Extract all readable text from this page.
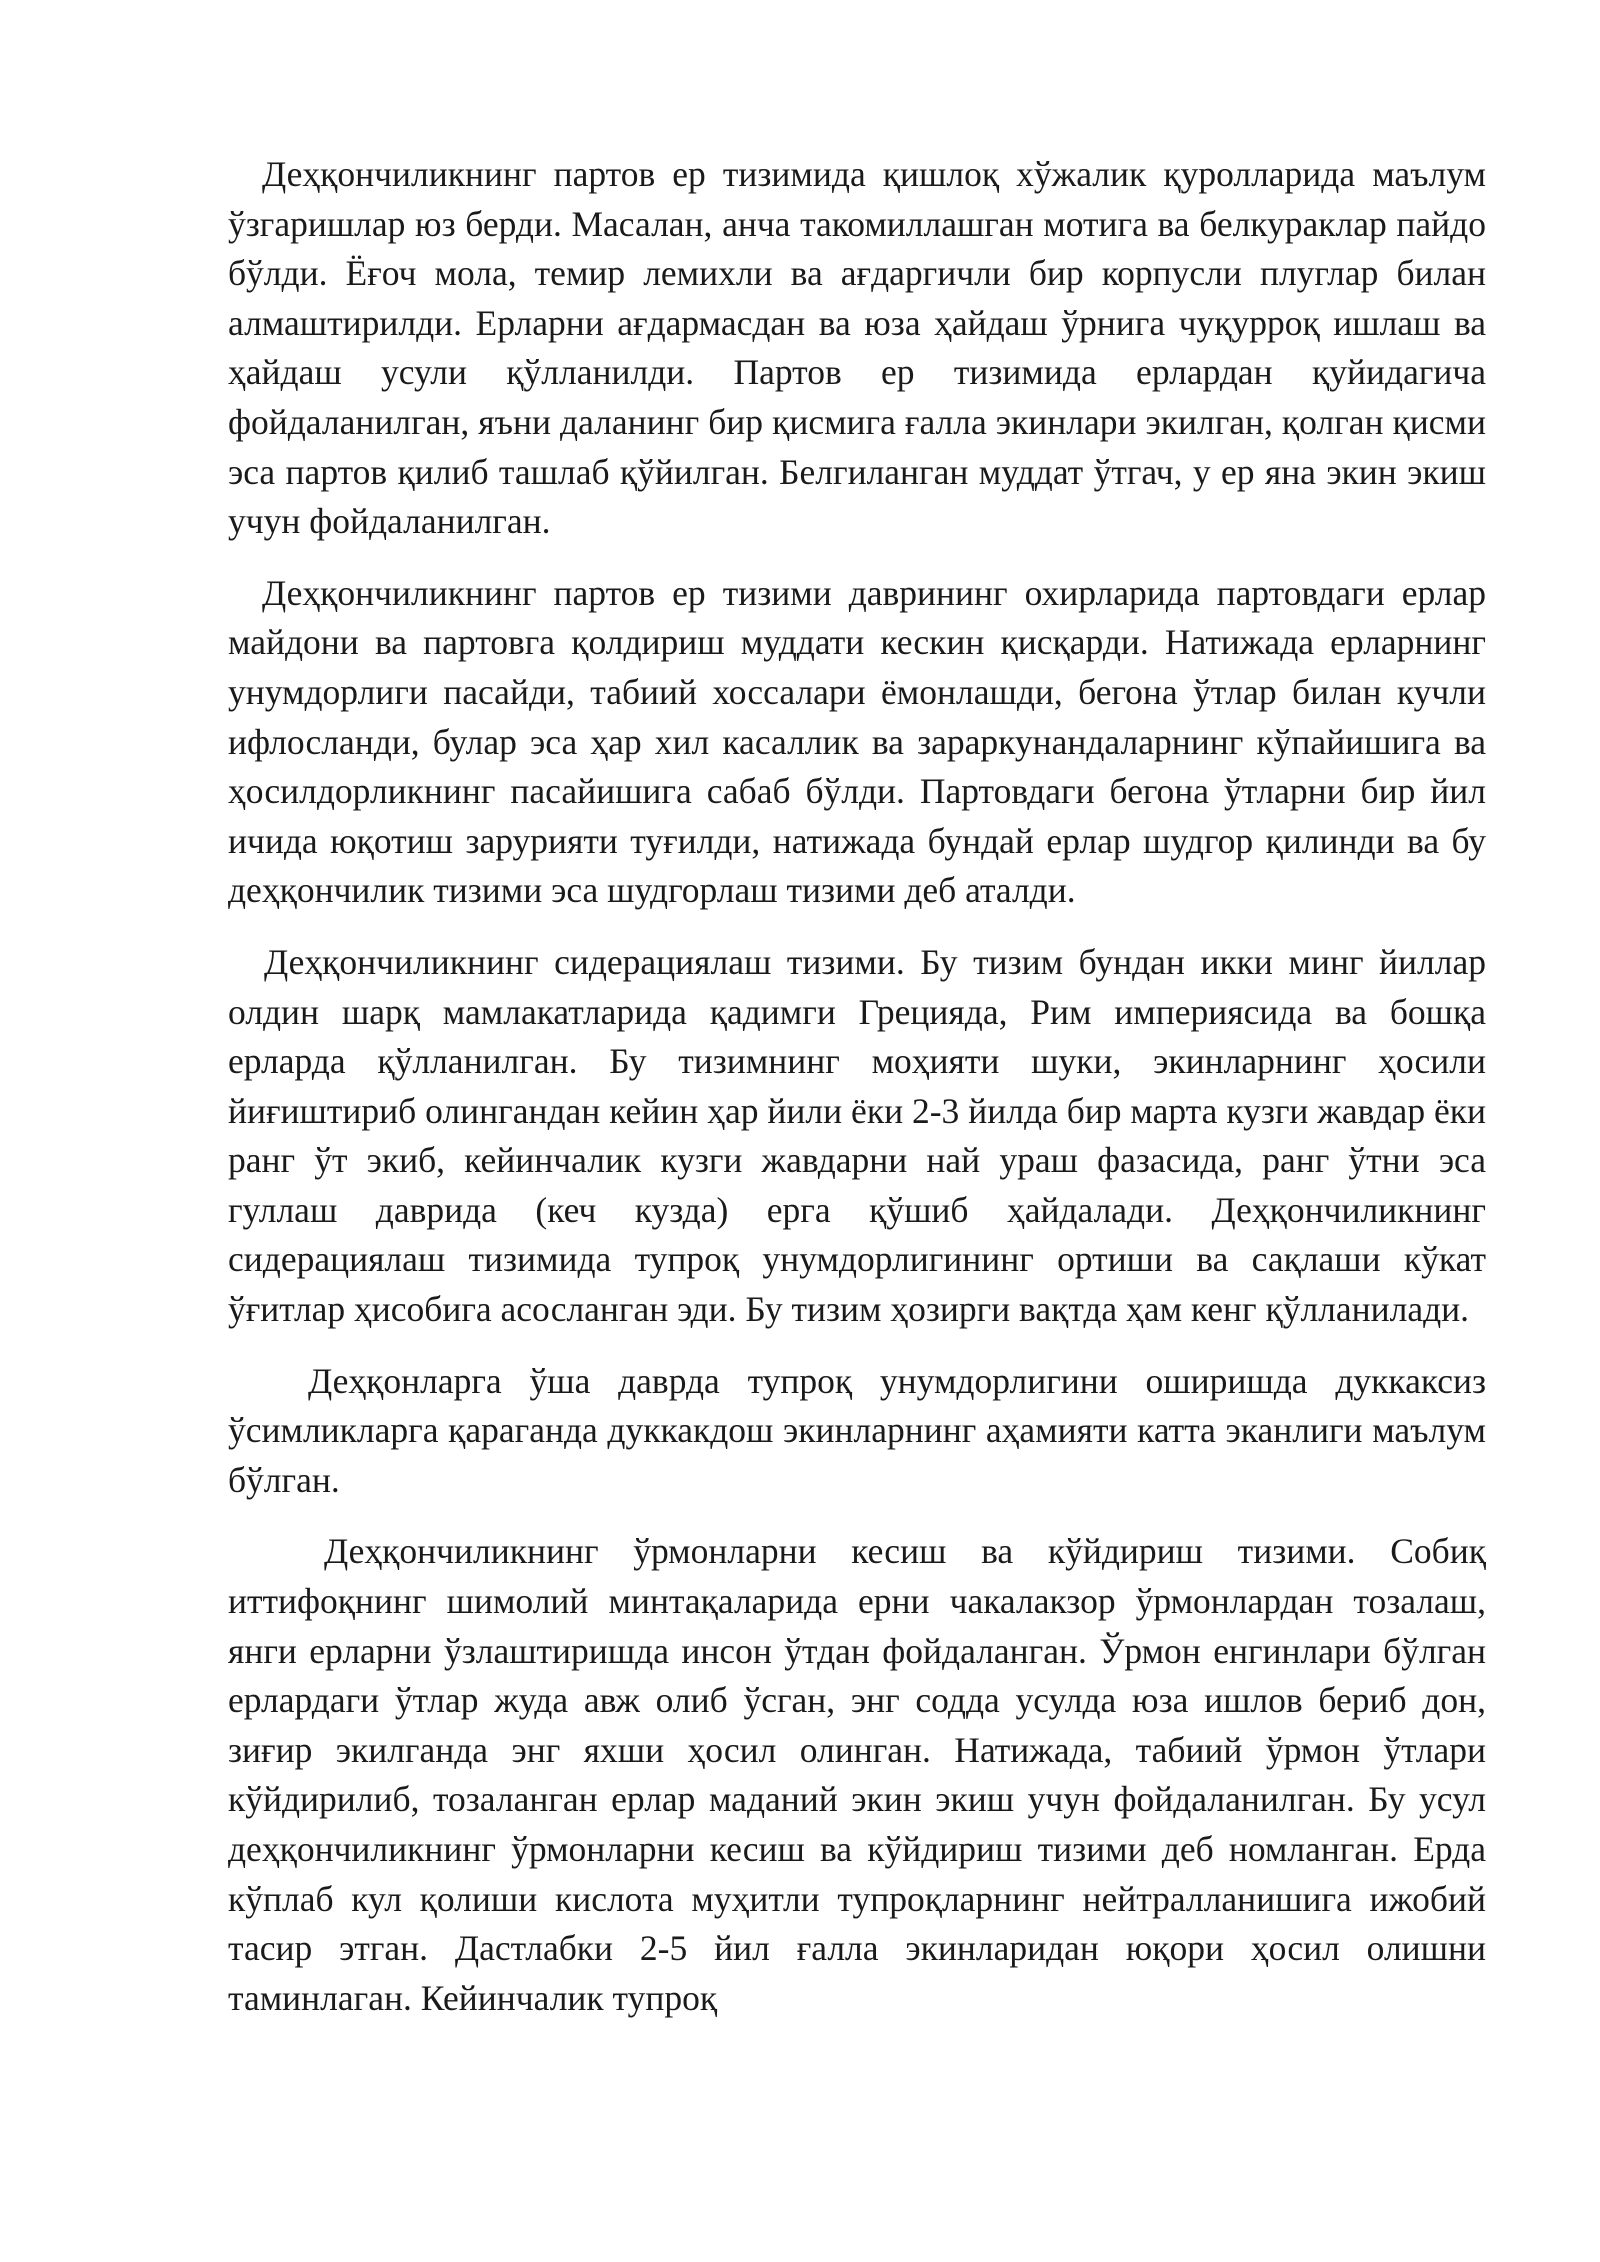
Деҳқончиликнинг партов ер тизимида қишлоқ хўжалик қуролларида маълум ўзгаришлар юз берди. Масалан, анча такомиллашган мотига ва белкураклар пайдо бўлди. Ёғоч мола, темир лемихли ва ағдаргичли бир корпусли плуглар билан алмаштирилди. Ерларни ағдармасдан ва юза ҳайдаш ўрнига чуқурроқ ишлаш ва ҳайдаш усули қўлланилди. Партов ер тизимида ерлардан қуйидагича фойдаланилган, яъни даланинг бир қисмига ғалла экинлари экилган, қолган қисми эса партов қилиб ташлаб қўйилган. Белгиланган муддат ўтгач, у ер яна экин экиш учун фойдаланилган.

Деҳқончиликнинг партов ер тизими даврининг охирларида партовдаги ерлар майдони ва партовга қолдириш муддати кескин қисқарди. Натижада ерларнинг унумдорлиги пасайди, табиий хоссалари ёмонлашди, бегона ўтлар билан кучли ифлосланди, булар эса ҳар хил касаллик ва зараркунандаларнинг кўпайишига ва ҳосилдорликнинг пасайишига сабаб бўлди. Партовдаги бегона ўтларни бир йил ичида юқотиш зарурияти туғилди, натижада бундай ерлар шудгор қилинди ва бу деҳқончилик тизими эса шудгорлаш тизими деб аталди.

Деҳқончиликнинг сидерациялаш тизими. Бу тизим бундан икки минг йиллар олдин шарқ мамлакатларида қадимги Грецияда, Рим империясида ва бошқа ерларда қўлланилган. Бу тизимнинг моҳияти шуки, экинларнинг ҳосили йиғиштириб олингандан кейин ҳар йили ёки 2-3 йилда бир марта кузги жавдар ёки ранг ўт экиб, кейинчалик кузги жавдарни най ураш фазасида, ранг ўтни эса гуллаш даврида (кеч кузда) ерга қўшиб ҳайдалади. Деҳқончиликнинг сидерациялаш тизимида тупроқ унумдорлигининг ортиши ва сақлаши кўкат ўғитлар ҳисобига асосланган эди. Бу тизим ҳозирги вақтда ҳам кенг қўлланилади.

Деҳқонларга ўша даврда тупроқ унумдорлигини оширишда дуккаксиз ўсимликларга қараганда дуккакдош экинларнинг аҳамияти катта эканлиги маълум бўлган.

Деҳқончиликнинг ўрмонларни кесиш ва кўйдириш тизими. Собиқ иттифоқнинг шимолий минтақаларида ерни чакалакзор ўрмонлардан тозалаш, янги ерларни ўзлаштиришда инсон ўтдан фойдаланган. Ўрмон енгинлари бўлган ерлардаги ўтлар жуда авж олиб ўсган, энг содда усулда юза ишлов бериб дон, зиғир экилганда энг яхши ҳосил олинган. Натижада, табиий ўрмон ўтлари кўйдирилиб, тозаланган ерлар маданий экин экиш учун фойдаланилган. Бу усул деҳқончиликнинг ўрмонларни кесиш ва кўйдириш тизими деб номланган. Ерда кўплаб кул қолиши кислота муҳитли тупроқларнинг нейтралланишига ижобий тасир этган. Дастлабки 2-5 йил ғалла экинларидан юқори ҳосил олишни таминлаган. Кейинчалик тупроқ
